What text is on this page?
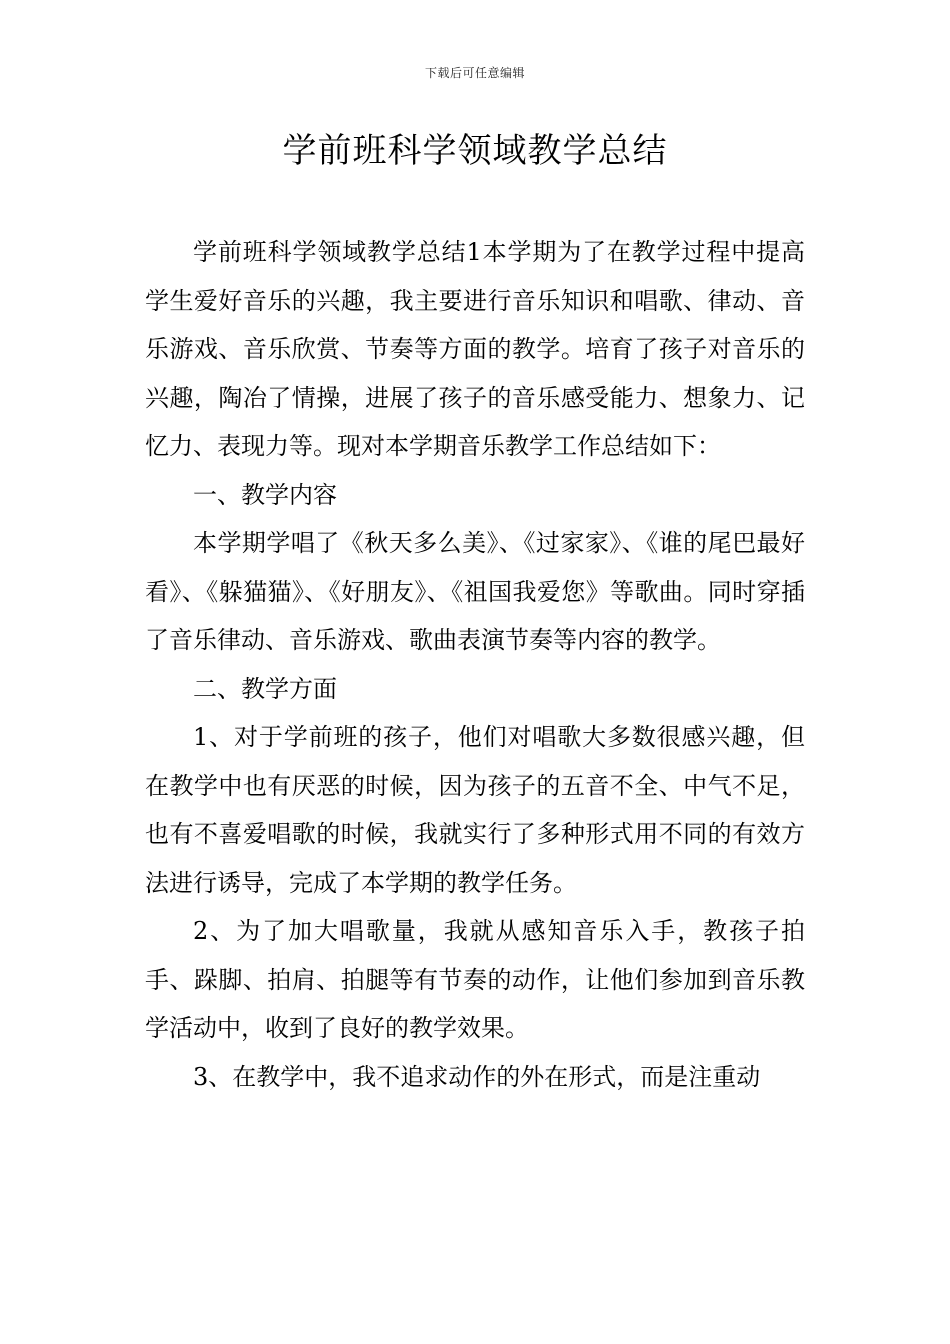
下载后可任意编辑
学前班科学领域教学总结

学前班科学领域教学总结1本学期为了在教学过程中提高学生爱好音乐的兴趣，我主要进行音乐知识和唱歌、律动、音乐游戏、音乐欣赏、节奏等方面的教学。培育了孩子对音乐的兴趣，陶冶了情操，进展了孩子的音乐感受能力、想象力、记忆力、表现力等。现对本学期音乐教学工作总结如下：

一、教学内容

本学期学唱了《秋天多么美》、《过家家》、《谁的尾巴最好看》、《躲猫猫》、《好朋友》、《祖国我爱您》等歌曲。同时穿插了音乐律动、音乐游戏、歌曲表演节奏等内容的教学。

二、教学方面

1、对于学前班的孩子，他们对唱歌大多数很感兴趣，但在教学中也有厌恶的时候，因为孩子的五音不全、中气不足，也有不喜爱唱歌的时候，我就实行了多种形式用不同的有效方法进行诱导，完成了本学期的教学任务。

2、为了加大唱歌量，我就从感知音乐入手，教孩子拍手、跺脚、拍肩、拍腿等有节奏的动作，让他们参加到音乐教学活动中，收到了良好的教学效果。

3、在教学中，我不追求动作的外在形式，而是注重动
